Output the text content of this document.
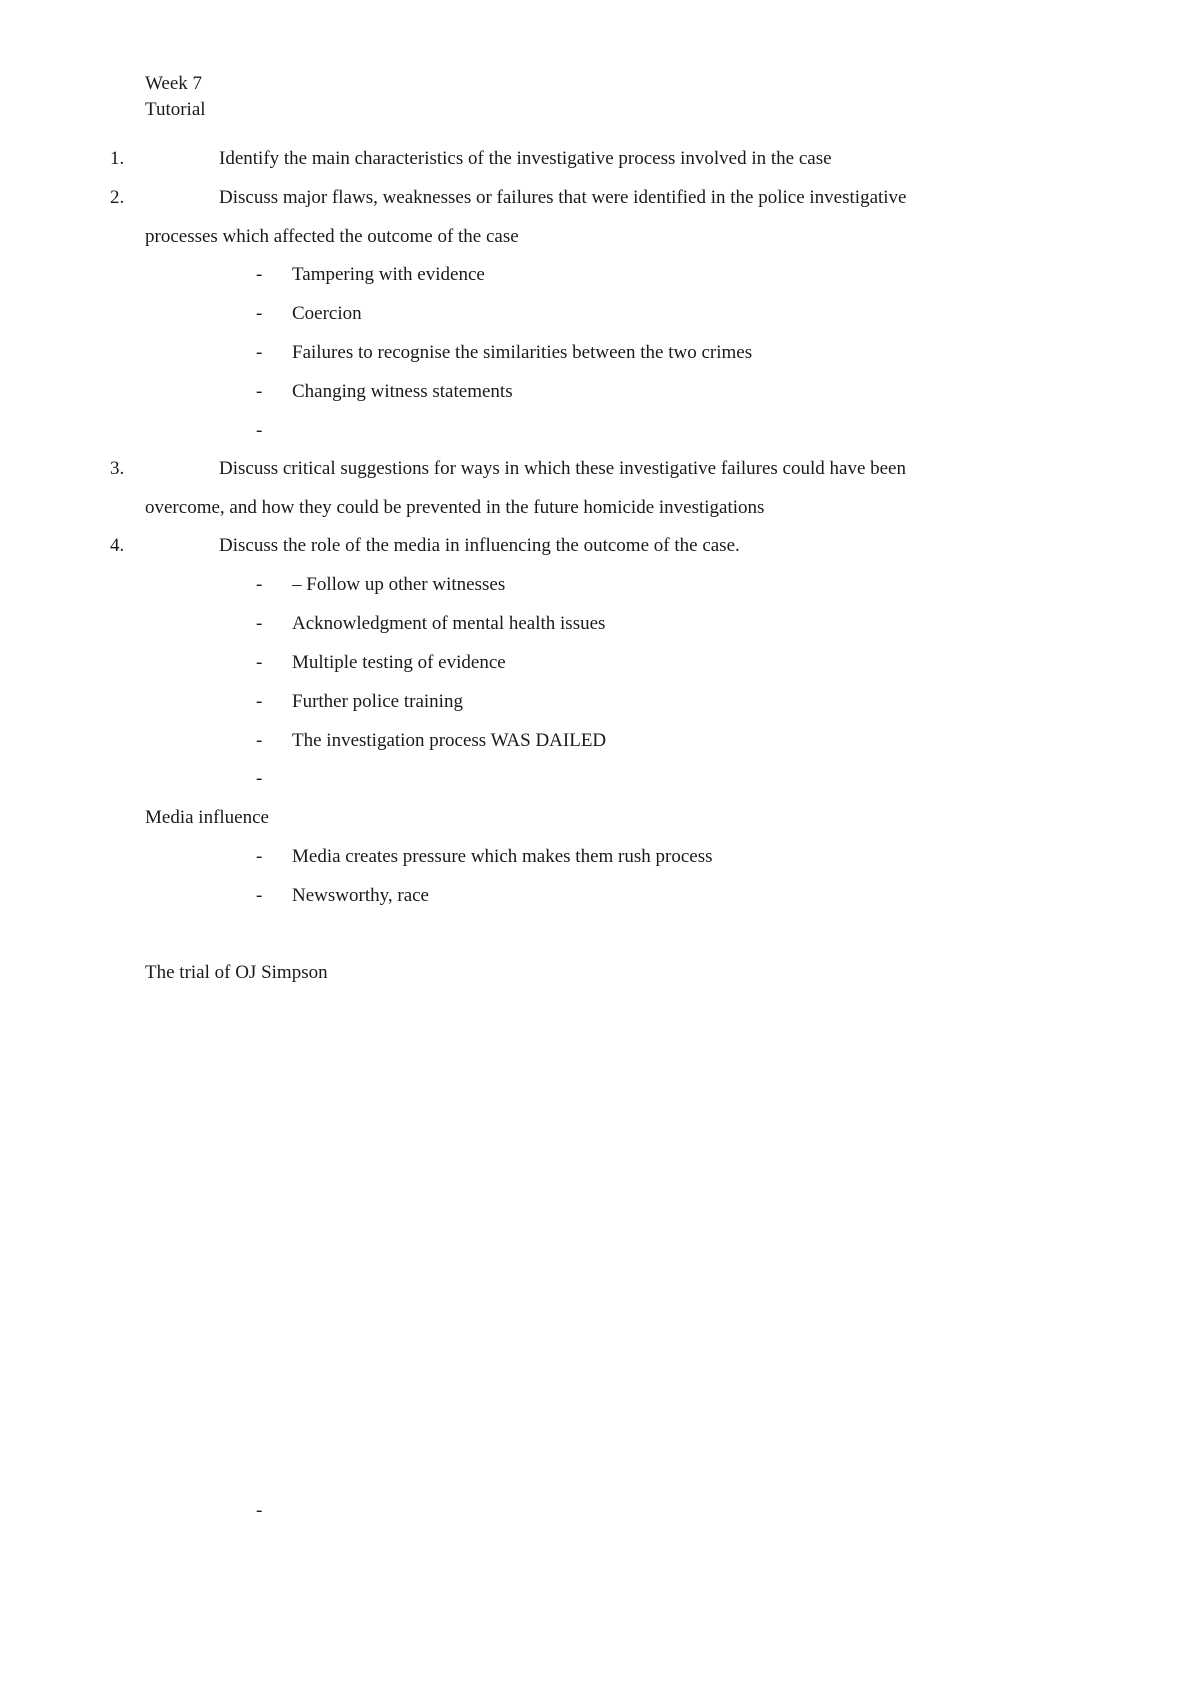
Week 7
Tutorial
1.	Identify the main characteristics of the investigative process involved in the case
2.	Discuss major flaws, weaknesses or failures that were identified in the police investigative
processes which affected the outcome of the case
- Tampering with evidence
- Coercion
- Failures to recognise the similarities between the two crimes
- Changing witness statements
-
3.	Discuss critical suggestions for ways in which these investigative failures could have been
overcome, and how they could be prevented in the future homicide investigations
4.	Discuss the role of the media in influencing the outcome of the case.
- – Follow up other witnesses
- Acknowledgment of mental health issues
- Multiple testing of evidence
- Further police training
- The investigation process WAS DAILED
-
Media influence
- Media creates pressure which makes them rush process
- Newsworthy, race
The trial of OJ Simpson
-
